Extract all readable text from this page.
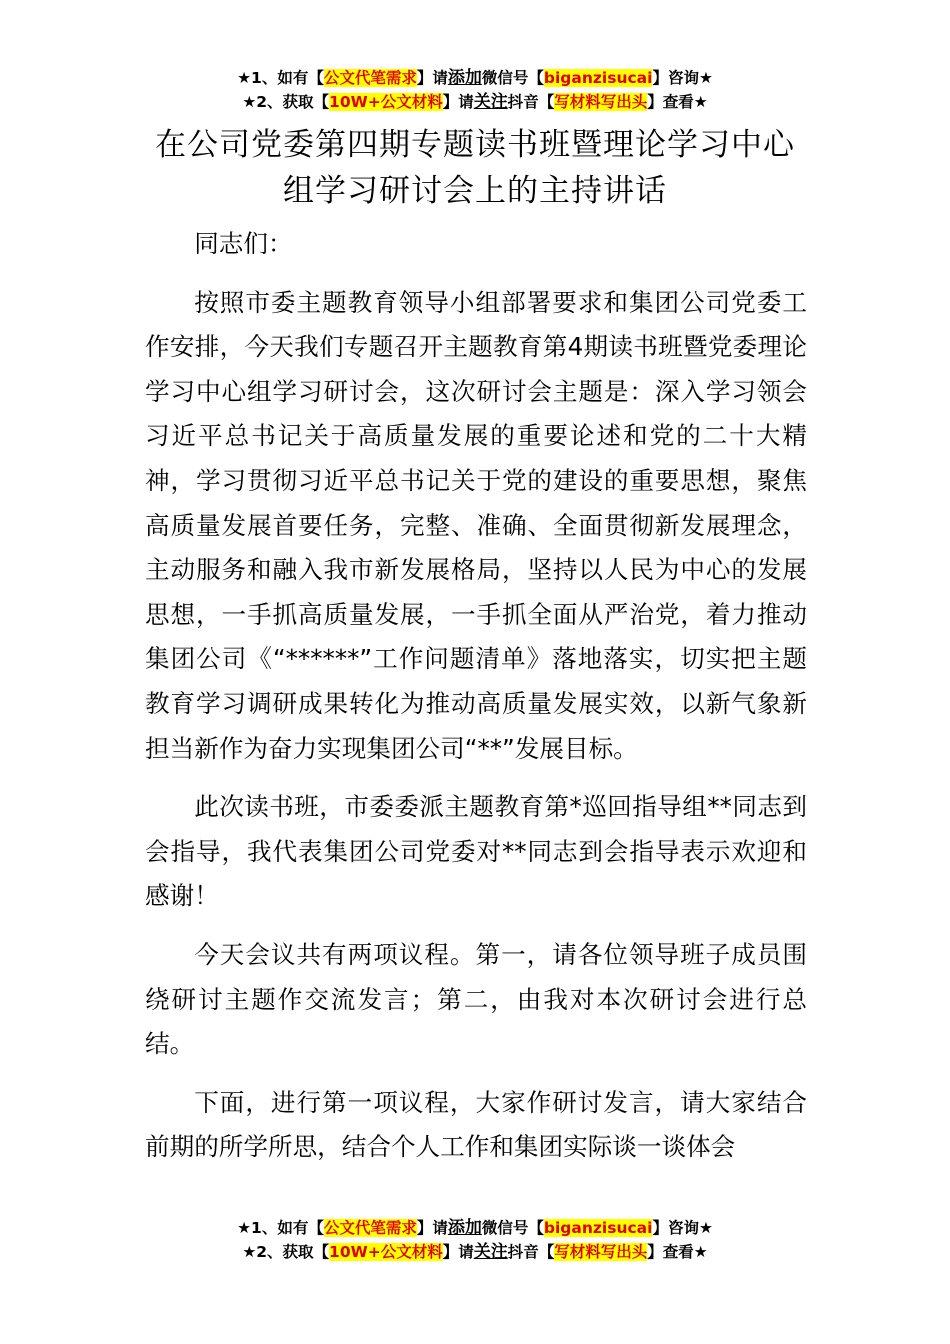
★1、如有【公文代笔需求】请添加微信号【biganzisucai】咨询★
★2、获取【10W+公文材料】请关注抖音【写材料写出头】查看★
在公司党委第四期专题读书班暨理论学习中心组学习研讨会上的主持讲话

同志们：

按照市委主题教育领导小组部署要求和集团公司党委工作安排，今天我们专题召开主题教育第4期读书班暨党委理论学习中心组学习研讨会，这次研讨会主题是：深入学习领会习近平总书记关于高质量发展的重要论述和党的二十大精神，学习贯彻习近平总书记关于党的建设的重要思想，聚焦高质量发展首要任务，完整、准确、全面贯彻新发展理念，主动服务和融入我市新发展格局，坚持以人民为中心的发展思想，一手抓高质量发展，一手抓全面从严治党，着力推动集团公司《“******”工作问题清单》落地落实，切实把主题教育学习调研成果转化为推动高质量发展实效，以新气象新担当新作为奋力实现集团公司“**”发展目标。

此次读书班，市委委派主题教育第*巡回指导组**同志到会指导，我代表集团公司党委对**同志到会指导表示欢迎和感谢！

今天会议共有两项议程。第一，请各位领导班子成员围绕研讨主题作交流发言；第二，由我对本次研讨会进行总结。

下面，进行第一项议程，大家作研讨发言，请大家结合前期的所学所思，结合个人工作和集团实际谈一谈体会

★1、如有【公文代笔需求】请添加微信号【biganzisucai】咨询★
★2、获取【10W+公文材料】请关注抖音【写材料写出头】查看★
